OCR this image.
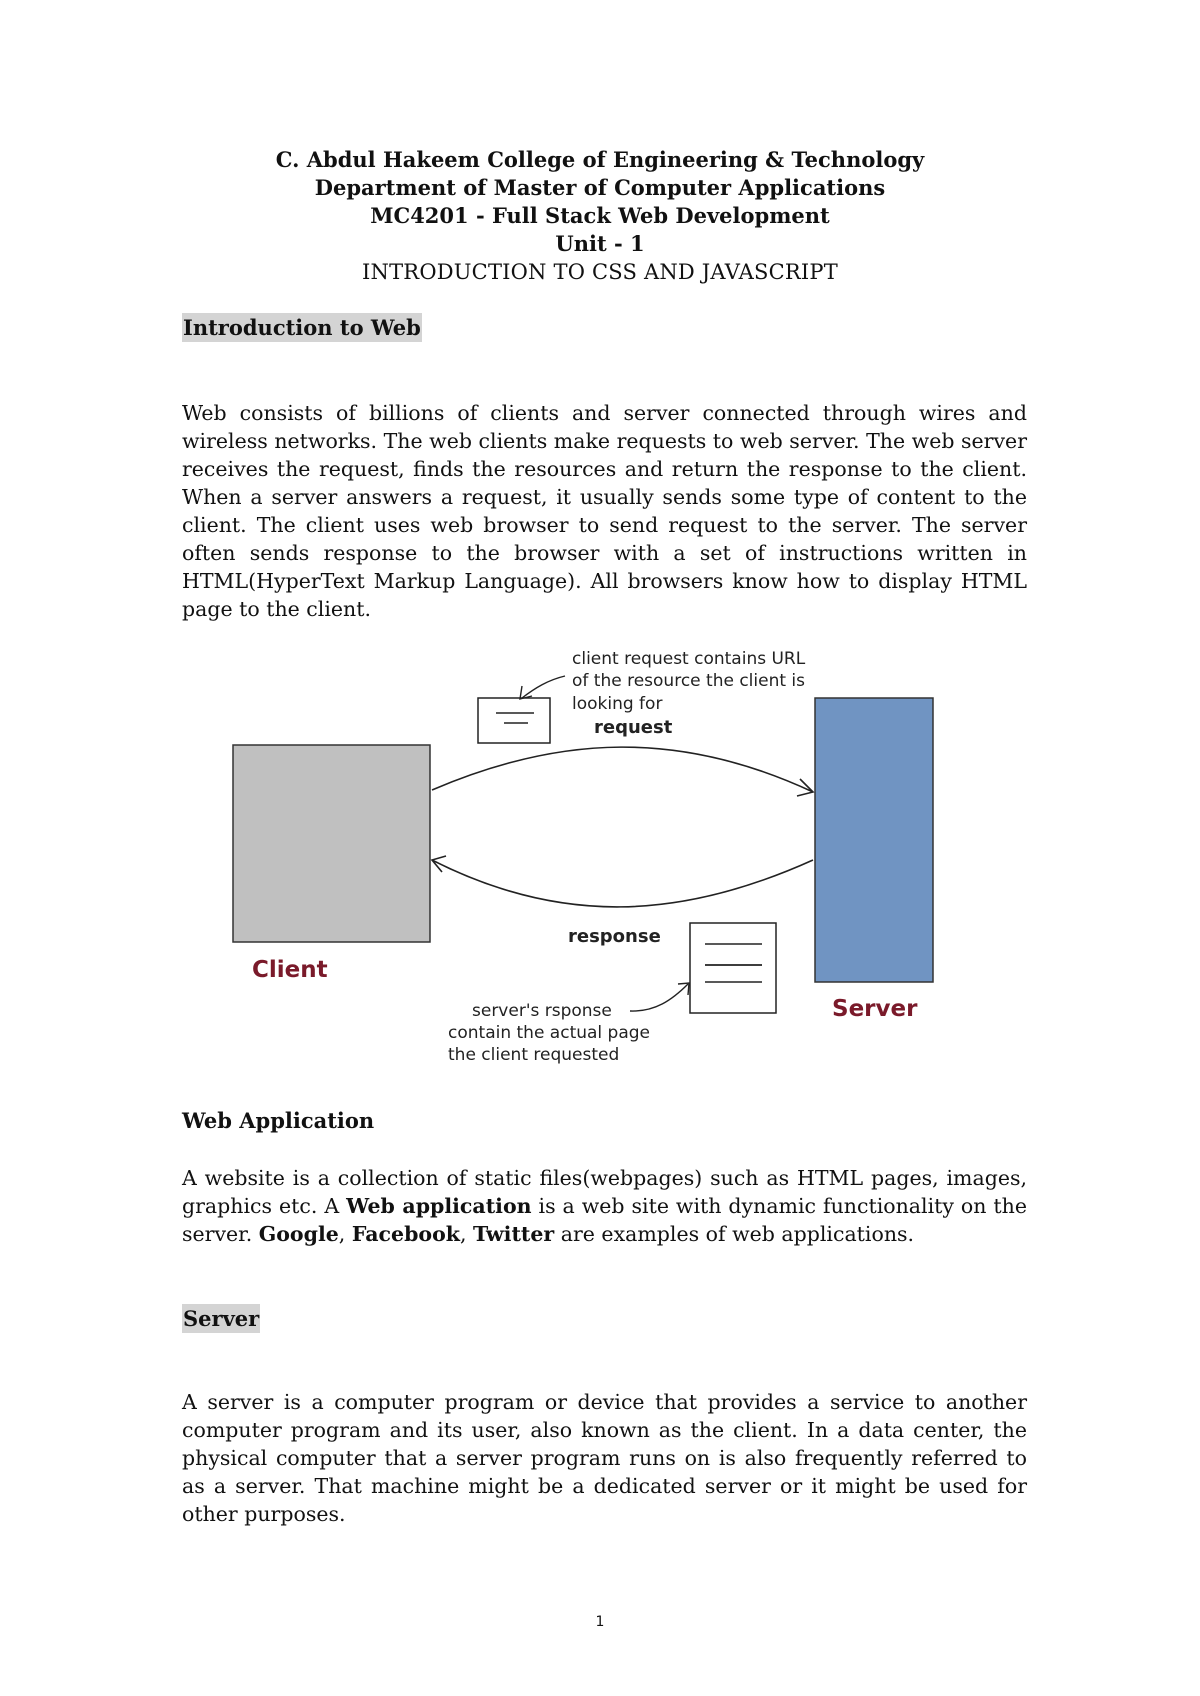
C. Abdul Hakeem College of Engineering & Technology
Department of Master of Computer Applications
MC4201 - Full Stack Web Development
Unit - 1
INTRODUCTION TO CSS AND JAVASCRIPT
Introduction to Web
Web consists of billions of clients and server connected through wires and wireless networks. The web clients make requests to web server. The web server receives the request, finds the resources and return the response to the client. When a server answers a request, it usually sends some type of content to the client. The client uses web browser to send request to the server. The server often sends response to the browser with a set of instructions written in HTML(HyperText Markup Language). All browsers know how to display HTML page to the client.
request
response
Client
Server
client request contains URL
of the resource the client is
looking for
server's rsponse
contain the actual page
the client requested
Web Application
A website is a collection of static files(webpages) such as HTML pages, images, graphics etc. A Web application is a web site with dynamic functionality on the server. Google, Facebook, Twitter are examples of web applications.
Server
A server is a computer program or device that provides a service to another computer program and its user, also known as the client. In a data center, the physical computer that a server program runs on is also frequently referred to as a server. That machine might be a dedicated server or it might be used for other purposes.
1
